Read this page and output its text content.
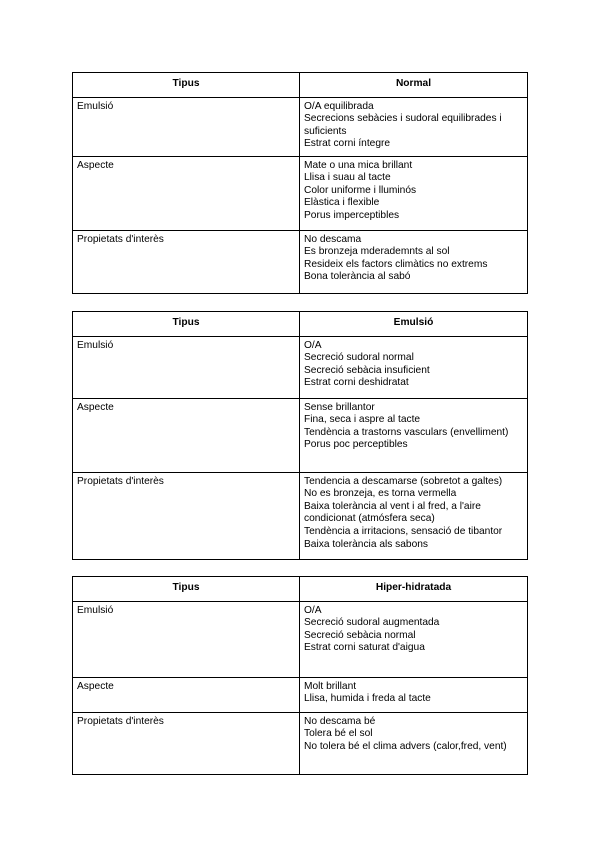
Tipus	Normal
Emulsió	O/A equilibrada
Secrecions sebàcies i sudoral equilibrades i suficients
Estrat corni íntegre

Aspecte	Mate o una mica brillant
Llisa i suau al tacte
Color uniforme i lluminós
Elàstica i flexible
Porus imperceptibles

Propietats d'interès	No descama
Es bronzeja mderademnts al sol
Resideix els factors climàtics no extrems
Bona tolerància al sabó
Tipus	Emulsió
Emulsió	O/A
Secreció sudoral normal
Secreció sebàcia insuficient
Estrat corni deshidratat

Aspecte	Sense brillantor
Fina, seca i aspre al tacte
Tendència a trastorns vasculars (envelliment)
Porus poc perceptibles

Propietats d'interès	Tendencia a descamarse (sobretot a galtes)
No es bronzeja, es torna vermella
Baixa tolerància al vent i al fred, a l'aire condicionat (atmósfera seca)
Tendència a irritacions, sensació de tibantor
Baixa tolerància als sabons
Tipus	Hiper-hidratada
Emulsió	O/A
Secreció sudoral augmentada
Secreció sebàcia normal
Estrat corni saturat d'aigua

Aspecte	Molt brillant
Llisa, humida i freda al tacte

Propietats d'interès	No descama bé
Tolera bé el sol
No tolera bé el clima advers (calor,fred, vent)
